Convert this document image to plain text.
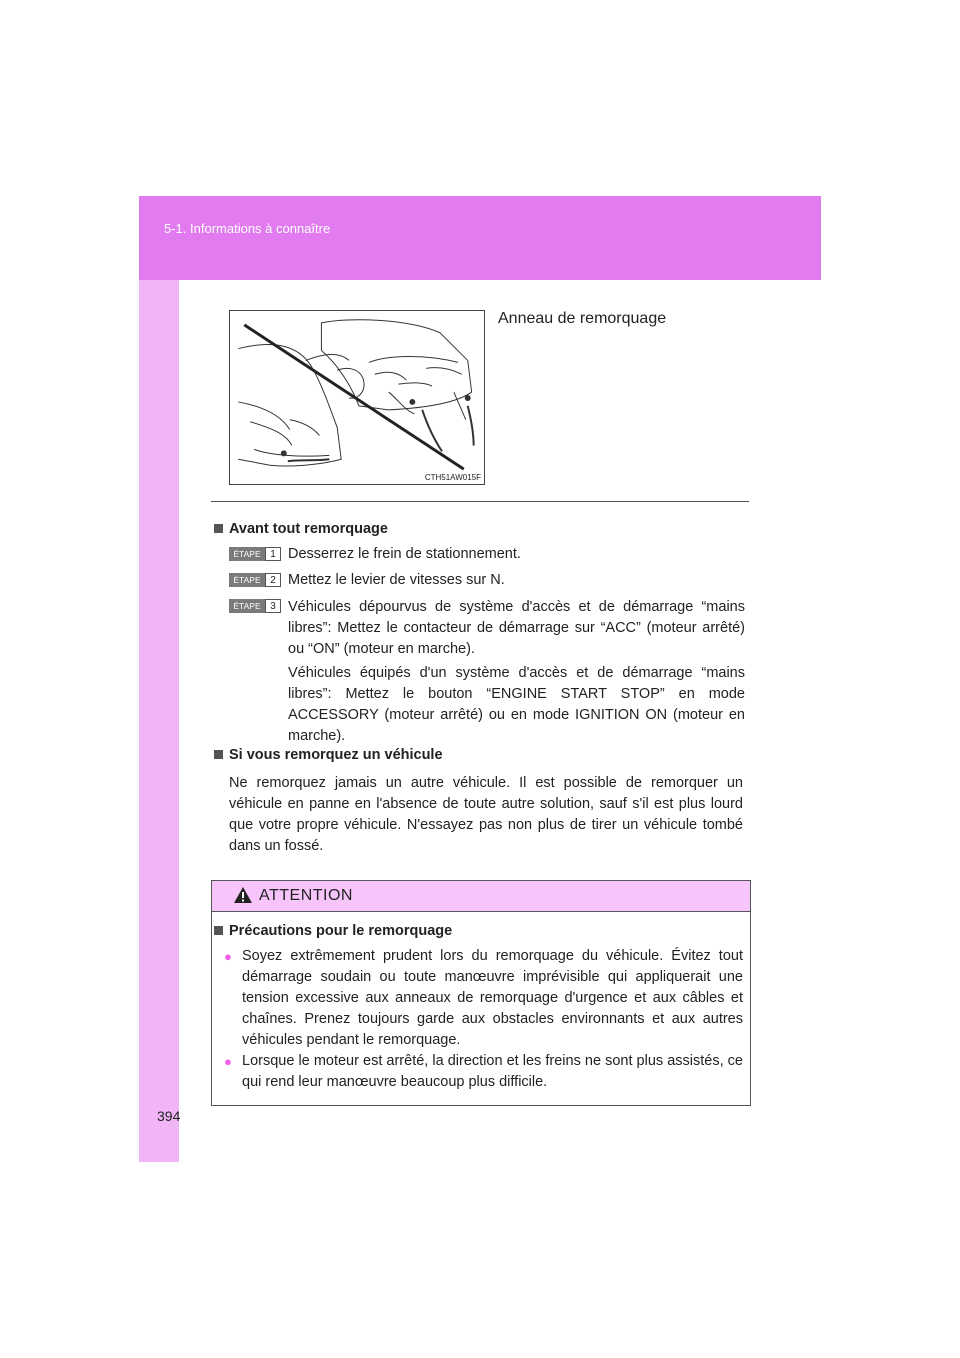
5-1. Informations à connaître
CTH51AW015F
Anneau de remorquage
Avant tout remorquage
ÉTAPE 1 Desserrez le frein de stationnement.
ÉTAPE 2 Mettez le levier de vitesses sur N.
ÉTAPE 3 Véhicules dépourvus de système d'accès et de démarrage “mains libres”: Mettez le contacteur de démarrage sur “ACC” (moteur arrêté) ou “ON” (moteur en marche).
Véhicules équipés d'un système d'accès et de démarrage “mains libres”: Mettez le bouton “ENGINE START STOP” en mode ACCESSORY (moteur arrêté) ou en mode IGNITION ON (moteur en marche).
Si vous remorquez un véhicule
Ne remorquez jamais un autre véhicule. Il est possible de remorquer un véhicule en panne en l'absence de toute autre solution, sauf s'il est plus lourd que votre propre véhicule. N'essayez pas non plus de tirer un véhicule tombé dans un fossé.
ATTENTION
Précautions pour le remorquage
● Soyez extrêmement prudent lors du remorquage du véhicule. Évitez tout démarrage soudain ou toute manœuvre imprévisible qui appliquerait une tension excessive aux anneaux de remorquage d'urgence et aux câbles et chaînes. Prenez toujours garde aux obstacles environnants et aux autres véhicules pendant le remorquage.
● Lorsque le moteur est arrêté, la direction et les freins ne sont plus assistés, ce qui rend leur manœuvre beaucoup plus difficile.
394
